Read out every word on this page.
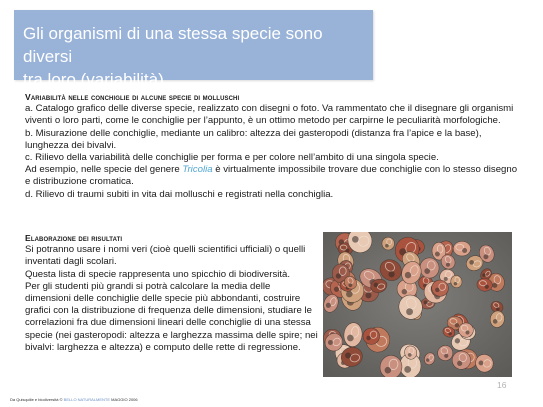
Gli organismi di una stessa specie sono diversi
tra loro (variabilità)
Variabilità nelle conchiglie di alcune specie di molluschi

a. Catalogo grafico delle diverse specie, realizzato con disegni o foto. Va rammentato che il disegnare gli organismi viventi o loro parti, come le conchiglie per l’appunto, è un ottimo metodo per carpirne le peculiarità morfologiche.

b. Misurazione delle conchiglie, mediante un calibro: altezza dei gasteropodi (distanza fra l’apice e la base), lunghezza dei bivalvi.

c. Rilievo della variabilità delle conchiglie per forma e per colore nell’ambito di una singola specie.

Ad esempio, nelle specie del genere Tricolia è virtualmente impossibile trovare due conchiglie con lo stesso disegno e distribuzione cromatica.

d. Rilievo di traumi subiti in vita dai molluschi e registrati nella conchiglia.

Elaborazione dei risultati

Si potranno usare i nomi veri (cioè quelli scientifici ufficiali) o quelli inventati dagli scolari.

Questa lista di specie rappresenta uno spicchio di biodiversità.

Per gli studenti più grandi si potrà calcolare la media delle dimensioni delle conchiglie delle specie più abbondanti, costruire grafici con la distribuzione di frequenza delle dimensioni, studiare le correlazioni fra due dimensioni lineari delle conchiglie di una stessa specie (nei gasteropodi: altezza e larghezza massima delle spire; nei bivalvi: larghezza e altezza) e computo delle rette di regressione.

16
Da Quisquilie e biodiversità © BELLO NATURALMENTE MAGGIO 2006
